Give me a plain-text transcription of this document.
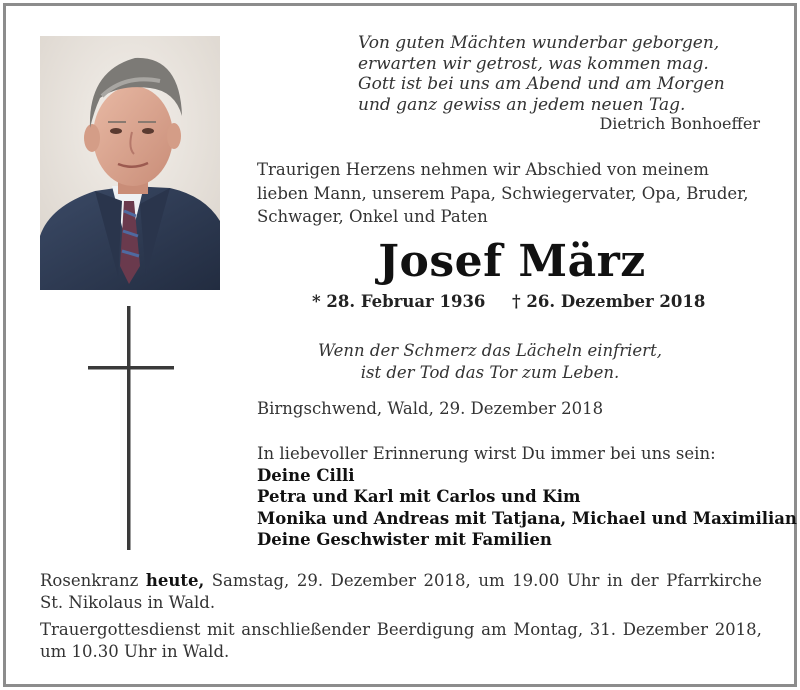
Von guten Mächten wunderbar geborgen,
erwarten wir getrost, was kommen mag.
Gott ist bei uns am Abend und am Morgen
und ganz gewiss an jedem neuen Tag.
Dietrich Bonhoeffer
Traurigen Herzens nehmen wir Abschied von meinem
lieben Mann, unserem Papa, Schwiegervater, Opa, Bruder,
Schwager, Onkel und Paten
Josef März
* 28. Februar 1936 † 26. Dezember 2018
Wenn der Schmerz das Lächeln einfriert,
ist der Tod das Tor zum Leben.
Birngschwend, Wald, 29. Dezember 2018
In liebevoller Erinnerung wirst Du immer bei uns sein:
Deine Cilli
Petra und Karl mit Carlos und Kim
Monika und Andreas mit Tatjana, Michael und Maximilian
Deine Geschwister mit Familien
Rosenkranz heute, Samstag, 29. Dezember 2018, um 19.00 Uhr in der Pfarrkirche
St. Nikolaus in Wald.
Trauergottesdienst mit anschließender Beerdigung am Montag, 31. Dezember 2018,
um 10.30 Uhr in Wald.
